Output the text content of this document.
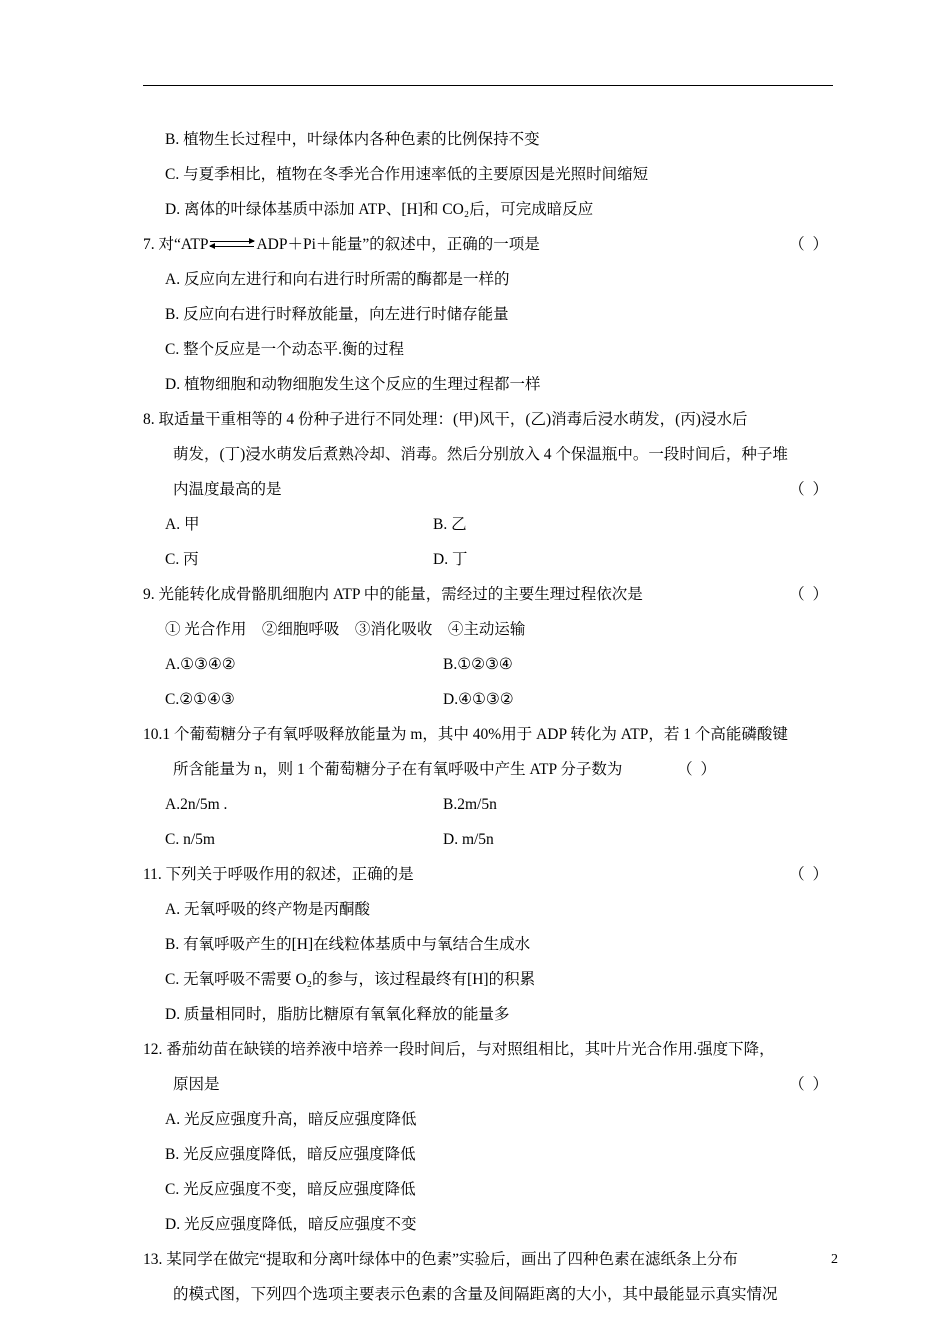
B. 植物生长过程中，叶绿体内各种色素的比例保持不变
C. 与夏季相比，植物在冬季光合作用速率低的主要原因是光照时间缩短
D. 离体的叶绿体基质中添加 ATP、[H]和 CO₂后，可完成暗反应
7. 对“ATP	ADP＋Pi＋能量”的叙述中，正确的一项是	（ ）
A. 反应向左进行和向右进行时所需的酶都是一样的
B. 反应向右进行时释放能量，向左进行时储存能量
C. 整个反应是一个动态平.衡的过程
D. 植物细胞和动物细胞发生这个反应的生理过程都一样
8. 取适量干重相等的 4 份种子进行不同处理：(甲)风干，(乙)消毒后浸水萌发，(丙)浸水后
萌发，(丁)浸水萌发后煮熟冷却、消毒。然后分别放入 4 个保温瓶中。一段时间后，种子堆
内温度最高的是	（ ）
A. 甲	B. 乙
C. 丙	D. 丁
9. 光能转化成骨骼肌细胞内 ATP 中的能量，需经过的主要生理过程依次是	（ ）
① 光合作用　②细胞呼吸　③消化吸收　④主动运输
A.①③④②	B.①②③④
C.②①④③	D.④①③②
10.1 个葡萄糖分子有氧呼吸释放能量为 m，其中 40%用于 ADP 转化为 ATP，若 1 个高能磷酸键
所含能量为 n，则 1 个葡萄糖分子在有氧呼吸中产生 ATP 分子数为	（ ）
A.2n/5m .	B.2m/5n
C. n/5m	D. m/5n
11. 下列关于呼吸作用的叙述，正确的是	（ ）
A. 无氧呼吸的终产物是丙酮酸
B. 有氧呼吸产生的[H]在线粒体基质中与氧结合生成水
C. 无氧呼吸不需要 O₂的参与，该过程最终有[H]的积累
D. 质量相同时，脂肪比糖原有氧氧化释放的能量多
12. 番茄幼苗在缺镁的培养液中培养一段时间后，与对照组相比，其叶片光合作用.强度下降，
原因是	（ ）
A. 光反应强度升高，暗反应强度降低
B. 光反应强度降低，暗反应强度降低
C. 光反应强度不变，暗反应强度降低
D. 光反应强度降低，暗反应强度不变
13. 某同学在做完“提取和分离叶绿体中的色素”实验后，画出了四种色素在滤纸条上分布
的模式图，下列四个选项主要表示色素的含量及间隔距离的大小，其中最能显示真实情况
2
